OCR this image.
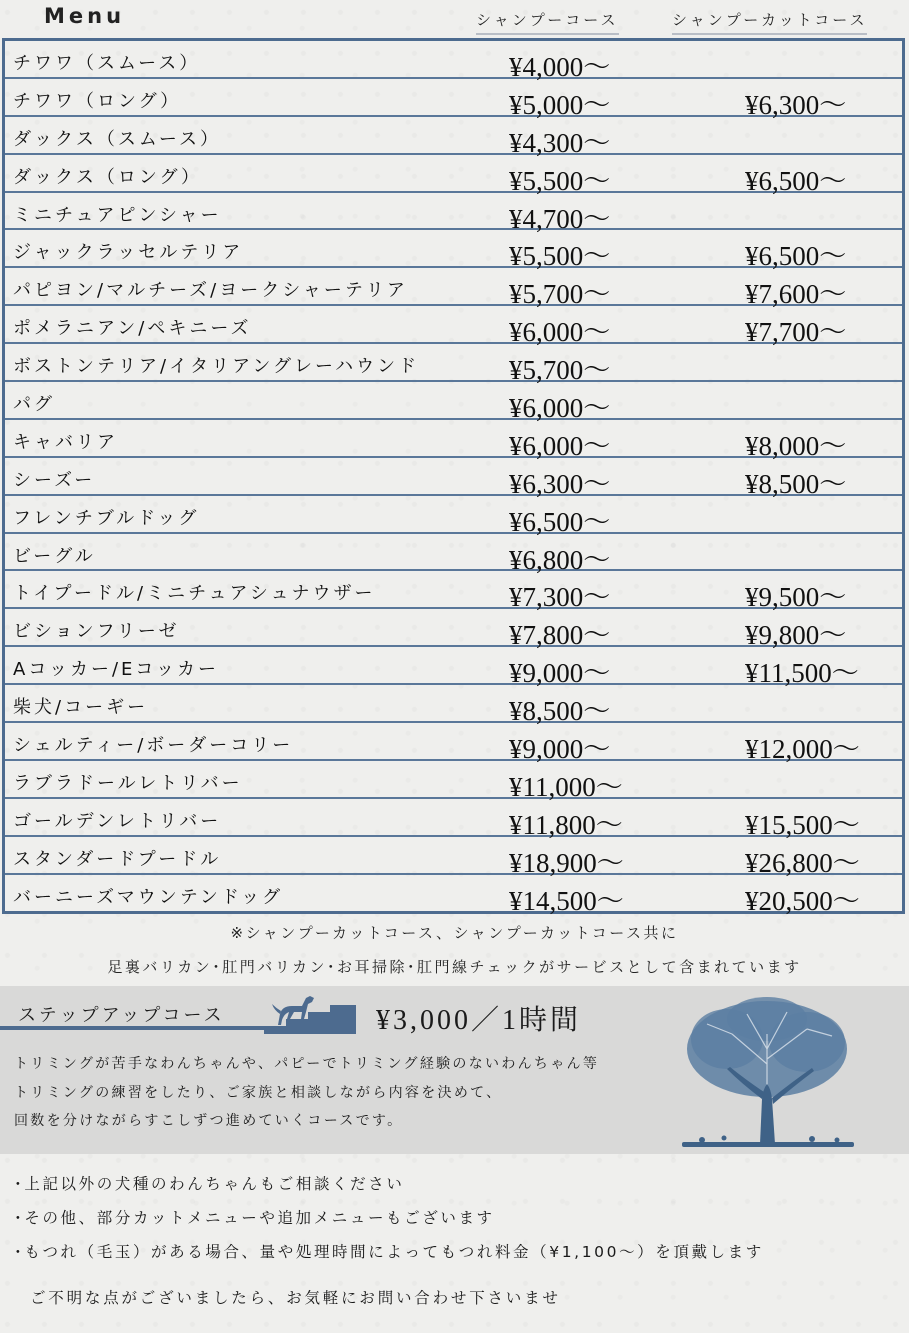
Menu	シャンプーコース	シャンプーカットコース
チワワ（スムース）	¥4,000〜
チワワ（ロング）	¥5,000〜	¥6,300〜
ダックス（スムース）	¥4,300〜
ダックス（ロング）	¥5,500〜	¥6,500〜
ミニチュアピンシャー	¥4,700〜
ジャックラッセルテリア	¥5,500〜	¥6,500〜
パピヨン/マルチーズ/ヨークシャーテリア	¥5,700〜	¥7,600〜
ポメラニアン/ペキニーズ	¥6,000〜	¥7,700〜
ボストンテリア/イタリアングレーハウンド	¥5,700〜
パグ	¥6,000〜
キャバリア	¥6,000〜	¥8,000〜
シーズー	¥6,300〜	¥8,500〜
フレンチブルドッグ	¥6,500〜
ビーグル	¥6,800〜
トイプードル/ミニチュアシュナウザー	¥7,300〜	¥9,500〜
ビションフリーゼ	¥7,800〜	¥9,800〜
Aコッカー/Eコッカー	¥9,000〜	¥11,500〜
柴犬/コーギー	¥8,500〜
シェルティー/ボーダーコリー	¥9,000〜	¥12,000〜
ラブラドールレトリバー	¥11,000〜
ゴールデンレトリバー	¥11,800〜	¥15,500〜
スタンダードプードル	¥18,900〜	¥26,800〜
バーニーズマウンテンドッグ	¥14,500〜	¥20,500〜
※シャンプーカットコース、シャンプーカットコース共に
足裏バリカン･肛門バリカン･お耳掃除･肛門線チェックがサービスとして含まれています
ステップアップコース	¥3,000／1時間
トリミングが苦手なわんちゃんや、パピーでトリミング経験のないわんちゃん等
トリミングの練習をしたり、ご家族と相談しながら内容を決めて、
回数を分けながらすこしずつ進めていくコースです。
･上記以外の犬種のわんちゃんもご相談ください
･その他、部分カットメニューや追加メニューもございます
･もつれ（毛玉）がある場合、量や処理時間によってもつれ料金（¥1,100〜）を頂戴します
ご不明な点がございましたら、お気軽にお問い合わせ下さいませ
